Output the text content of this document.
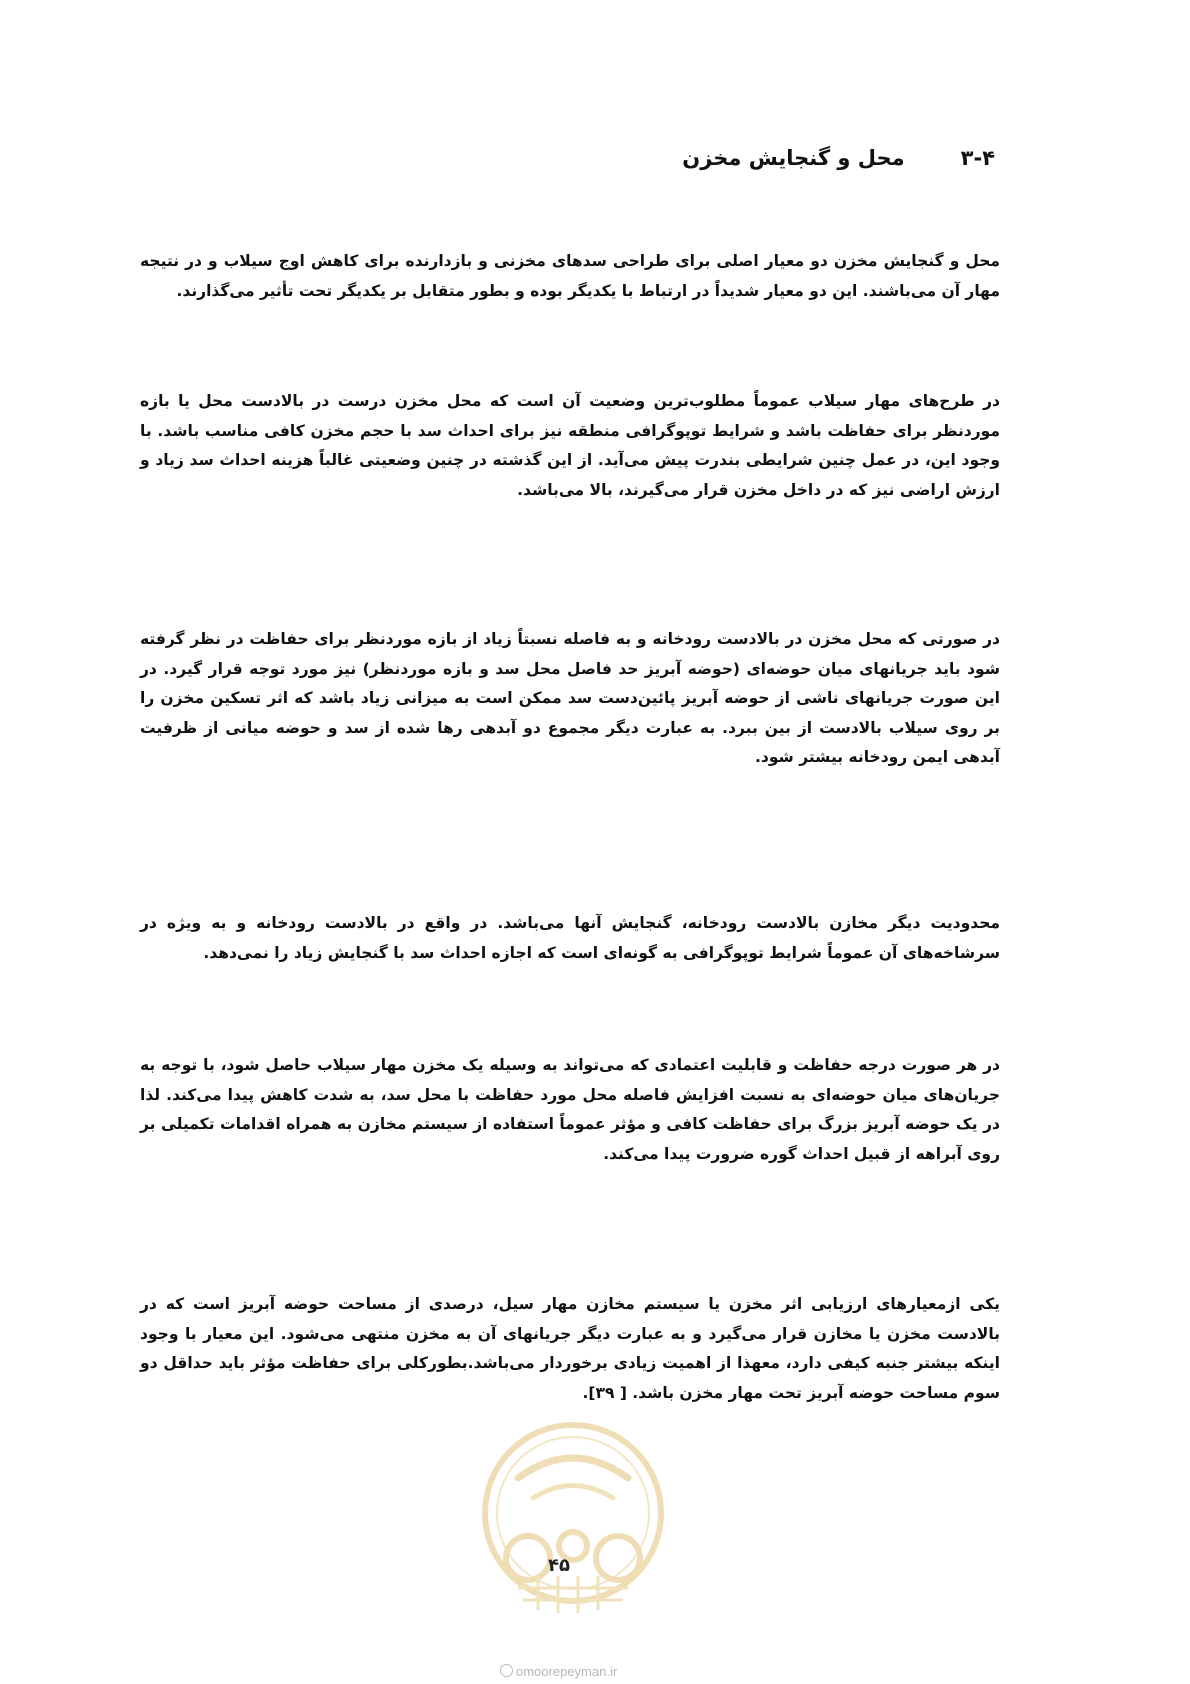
۳-۴محل و گنجایش مخزن

محل و گنجایش مخزن دو معیار اصلی برای طراحی سدهای مخزنی و بازدارنده برای کاهش اوج سیلاب و در نتیجه مهار آن می‌باشند. این دو معیار شدیداً در ارتباط با یکدیگر بوده و بطور متقابل بر یکدیگر تحت تأثیر می‌گذارند.

در طرح‌های مهار سیلاب عموماً مطلوب‌ترین وضعیت آن است که محل مخزن درست در بالادست محل یا بازه موردنظر برای حفاظت باشد و شرایط توپوگرافی منطقه نیز برای احداث سد با حجم مخزن کافی مناسب باشد. با وجود این، در عمل چنین شرایطی بندرت پیش می‌آید. از این گذشته در چنین وضعیتی غالباً هزینه احداث سد زیاد و ارزش اراضی نیز که در داخل مخزن قرار می‌گیرند، بالا می‌باشد.

در صورتی که محل مخزن در بالادست رودخانه و به فاصله نسبتاً زیاد از بازه موردنظر برای حفاظت در نظر گرفته شود باید جریانهای میان حوضه‌ای (حوضه آبریز حد فاصل محل سد و بازه موردنظر) نیز مورد توجه قرار گیرد. در این صورت جریانهای ناشی از حوضه آبریز پائین‌دست سد ممکن است به میزانی زیاد باشد که اثر تسکین مخزن را بر روی سیلاب بالادست از بین ببرد. به عبارت دیگر مجموع دو آبدهی رها شده از سد و حوضه میانی از ظرفیت آبدهی ایمن رودخانه بیشتر شود.

محدودیت دیگر مخازن بالادست رودخانه، گنجایش آنها می‌باشد. در واقع در بالادست رودخانه و به ویژه در سرشاخه‌های آن عموماً شرایط توپوگرافی به گونه‌ای است که اجازه احداث سد با گنجایش زیاد را نمی‌دهد.

در هر صورت درجه حفاظت و قابلیت اعتمادی که می‌تواند به وسیله یک مخزن مهار سیلاب حاصل شود، با توجه به جریان‌های میان حوضه‌ای به نسبت افزایش فاصله محل مورد حفاظت با محل سد، به شدت کاهش پیدا می‌کند. لذا در یک حوضه آبریز بزرگ برای حفاظت کافی و مؤثر عموماً استفاده از سیستم مخازن به همراه اقدامات تکمیلی بر روی آبراهه از قبیل احداث گوره ضرورت پیدا می‌کند.

یکی ازمعیارهای ارزیابی اثر مخزن یا سیستم مخازن مهار سیل، درصدی از مساحت حوضه آبریز است که در بالادست مخزن یا مخازن قرار می‌گیرد و به عبارت دیگر جریانهای آن به مخزن منتهی می‌شود. این معیار با وجود اینکه بیشتر جنبه کیفی دارد، معهذا از اهمیت زیادی برخوردار می‌باشد.بطورکلی برای حفاظت مؤثر باید حداقل دو سوم مساحت حوضه آبریز تحت مهار مخزن باشد. [ ۳۹].

۴۵
omoorepeyman.ir
